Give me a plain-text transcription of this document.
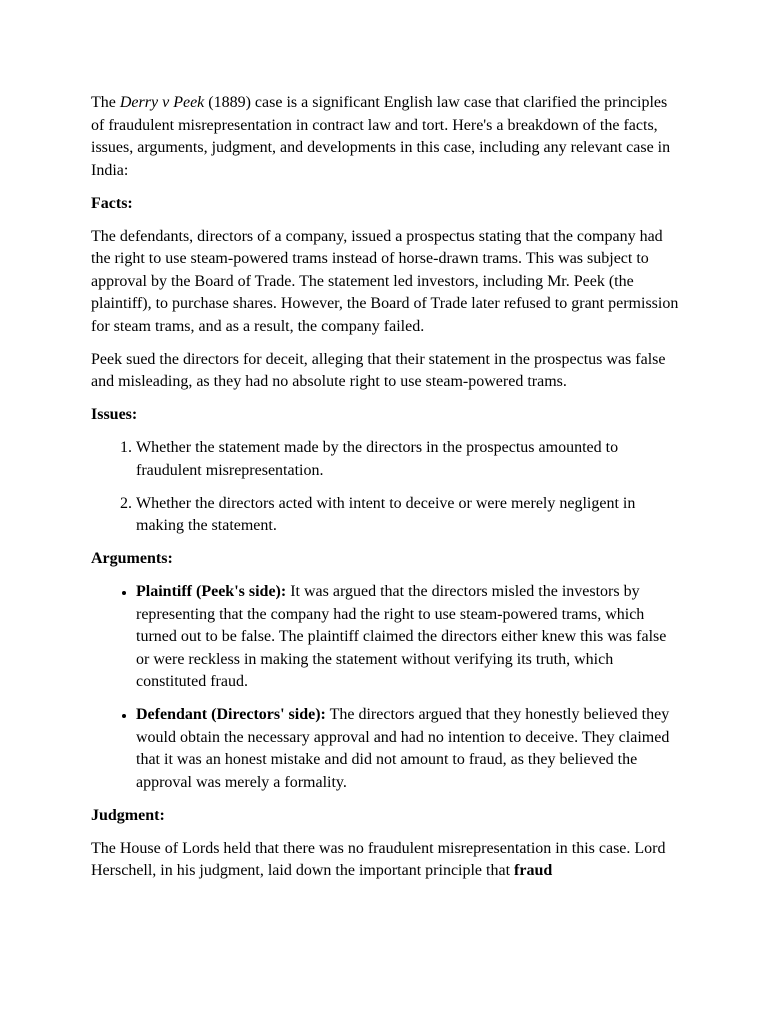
The Derry v Peek (1889) case is a significant English law case that clarified the principles of fraudulent misrepresentation in contract law and tort. Here's a breakdown of the facts, issues, arguments, judgment, and developments in this case, including any relevant case in India:

Facts:

The defendants, directors of a company, issued a prospectus stating that the company had the right to use steam-powered trams instead of horse-drawn trams. This was subject to approval by the Board of Trade. The statement led investors, including Mr. Peek (the plaintiff), to purchase shares. However, the Board of Trade later refused to grant permission for steam trams, and as a result, the company failed.

Peek sued the directors for deceit, alleging that their statement in the prospectus was false and misleading, as they had no absolute right to use steam-powered trams.

Issues:

1. Whether the statement made by the directors in the prospectus amounted to fraudulent misrepresentation.
2. Whether the directors acted with intent to deceive or were merely negligent in making the statement.

Arguments:

• Plaintiff (Peek's side): It was argued that the directors misled the investors by representing that the company had the right to use steam-powered trams, which turned out to be false. The plaintiff claimed the directors either knew this was false or were reckless in making the statement without verifying its truth, which constituted fraud.
• Defendant (Directors' side): The directors argued that they honestly believed they would obtain the necessary approval and had no intention to deceive. They claimed that it was an honest mistake and did not amount to fraud, as they believed the approval was merely a formality.

Judgment:

The House of Lords held that there was no fraudulent misrepresentation in this case. Lord Herschell, in his judgment, laid down the important principle that fraud
